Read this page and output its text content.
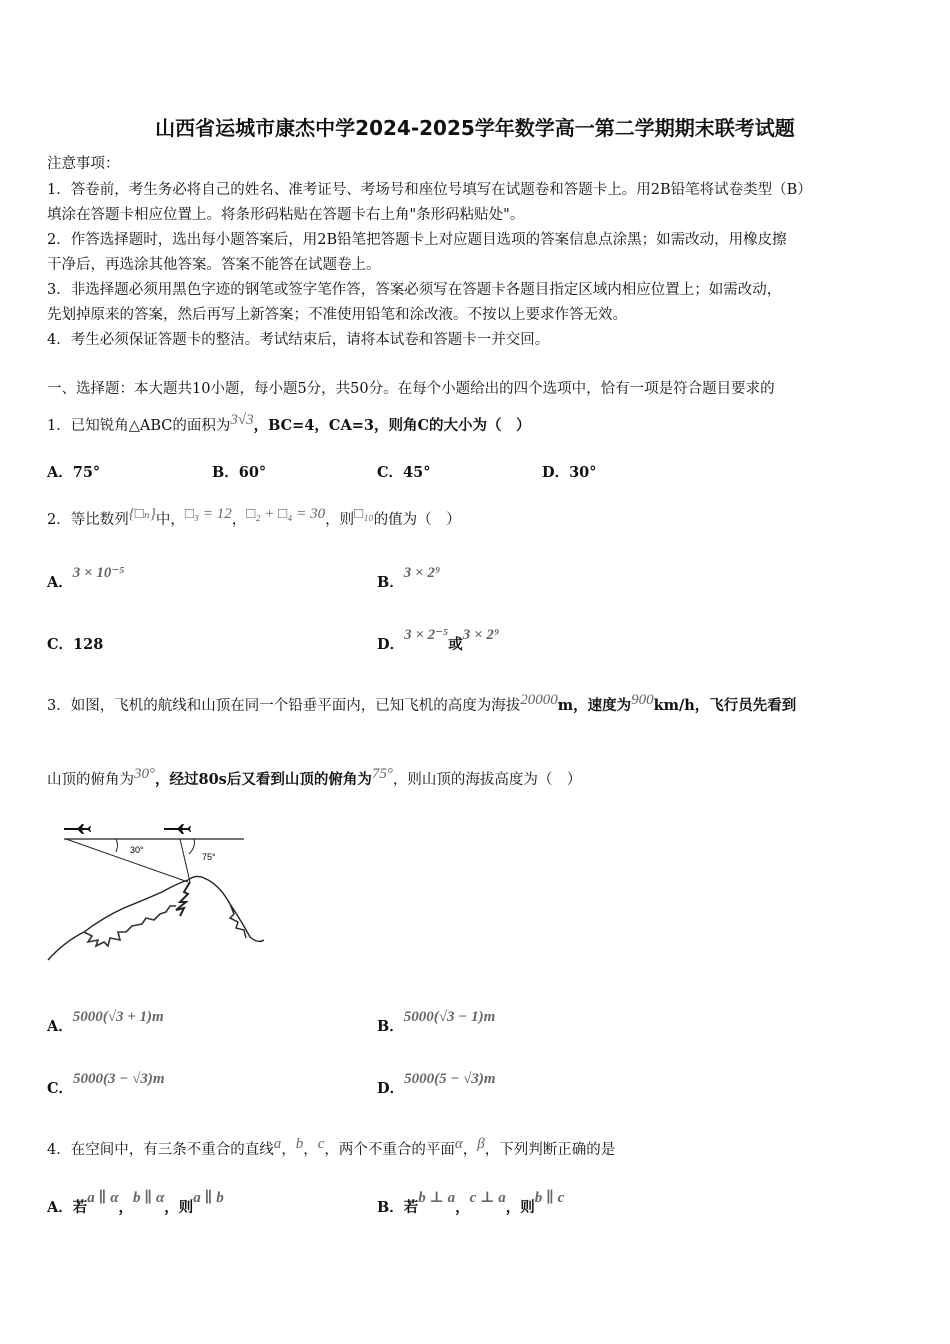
山西省运城市康杰中学2024-2025学年数学高一第二学期期末联考试题
注意事项：
1．答卷前，考生务必将自己的姓名、准考证号、考场号和座位号填写在试题卷和答题卡上。用2B铅笔将试卷类型（B）
填涂在答题卡相应位置上。将条形码粘贴在答题卡右上角"条形码粘贴处"。
2．作答选择题时，选出每小题答案后，用2B铅笔把答题卡上对应题目选项的答案信息点涂黑；如需改动，用橡皮擦
干净后，再选涂其他答案。答案不能答在试题卷上。
3．非选择题必须用黑色字迹的钢笔或签字笔作答，答案必须写在答题卡各题目指定区域内相应位置上；如需改动，
先划掉原来的答案，然后再写上新答案；不准使用铅笔和涂改液。不按以上要求作答无效。
4．考生必须保证答题卡的整洁。考试结束后，请将本试卷和答题卡一并交回。
一、选择题：本大题共10小题，每小题5分，共50分。在每个小题给出的四个选项中，恰有一项是符合题目要求的
1．已知锐角△ABC的面积为3√3，BC=4，CA=3，则角C的大小为（　）
A．75°	B．60°	C．45°	D．30°
2．等比数列{□ₙ}中，□₃ = 12，□₂ + □₄ = 30，则□₁₀的值为（　）
A．3 × 10⁻⁵
B．3 × 2⁹
C．128	D．3 × 2⁻⁵或3 × 2⁹
3．如图，飞机的航线和山顶在同一个铅垂平面内，已知飞机的高度为海拔20000m，速度为900km/h，飞行员先看到
山顶的俯角为30°，经过80s后又看到山顶的俯角为75°，则山顶的海拔高度为（　）
30°
75°
A．5000(√3 + 1)m
B．5000(√3 − 1)m
C．5000(3 − √3)m
D．5000(5 − √3)m
4．在空间中，有三条不重合的直线a，b，c，两个不重合的平面α，β，下列判断正确的是
A．若a ∥ α，b ∥ α，则a ∥ b
B．若b ⊥ a，c ⊥ a，则b ∥ c
